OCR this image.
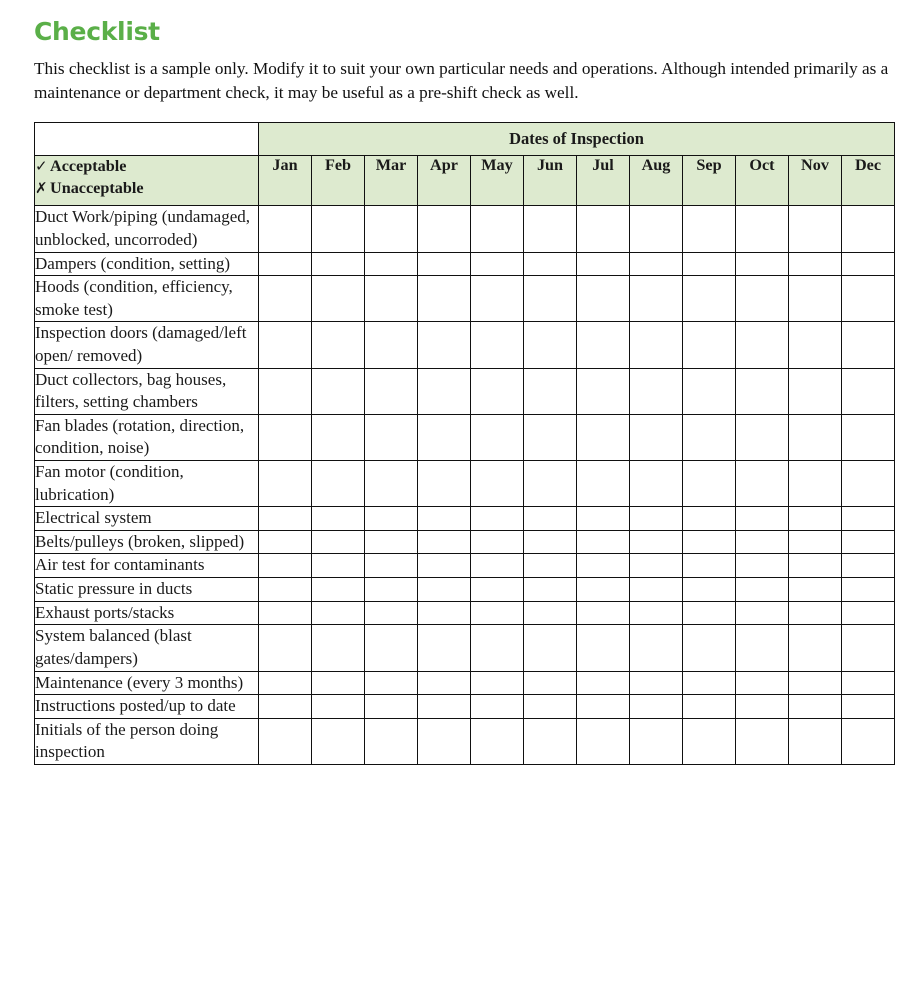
Checklist

This checklist is a sample only. Modify it to suit your own particular needs and operations. Although intended primarily as a maintenance or department check, it may be useful as a pre-shift check as well.

	Dates of Inspection											

✓ Acceptable
✗ Unacceptable	Jan	Feb	Mar	Apr	May	Jun	Jul	Aug	Sep	Oct	Nov	Dec
Duct Work/piping (undamaged, unblocked, uncorroded)												
Dampers (condition, setting)												
Hoods (condition, efficiency, smoke test)												
Inspection doors (damaged/left open/ removed)												
Duct collectors, bag houses, filters, setting chambers												
Fan blades (rotation, direction, condition, noise)												
Fan motor (condition, lubrication)												
Electrical system												
Belts/pulleys (broken, slipped)												
Air test for contaminants												
Static pressure in ducts												
Exhaust ports/stacks												
System balanced (blast gates/dampers)												
Maintenance (every 3 months)												
Instructions posted/up to date												
Initials of the person doing inspection												
